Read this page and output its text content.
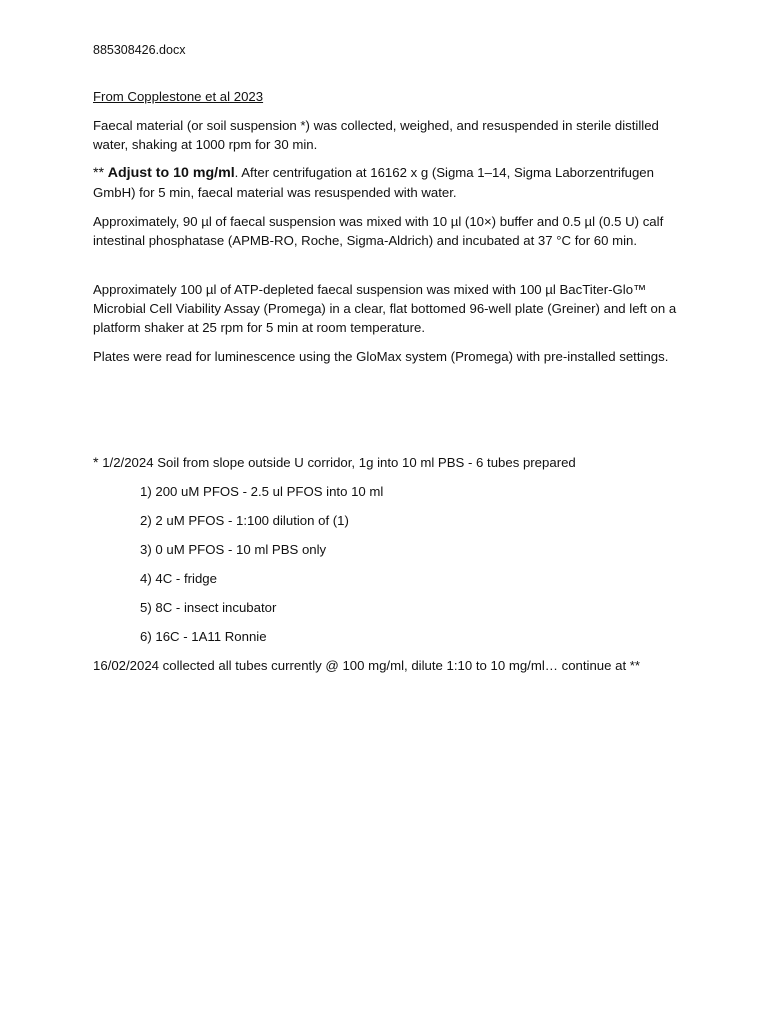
885308426.docx
From Copplestone et al 2023

Faecal material (or soil suspension *) was collected, weighed, and resuspended in sterile distilled water, shaking at 1000 rpm for 30 min.

** Adjust to 10 mg/ml. After centrifugation at 16162 x g (Sigma 1–14, Sigma Laborzentrifugen GmbH) for 5 min, faecal material was resuspended with water.

Approximately, 90 µl of faecal suspension was mixed with 10 µl (10×) buffer and 0.5 µl (0.5 U) calf intestinal phosphatase (APMB-RO, Roche, Sigma-Aldrich) and incubated at 37 °C for 60 min.

Approximately 100 µl of ATP-depleted faecal suspension was mixed with 100 µl BacTiter-Glo™ Microbial Cell Viability Assay (Promega) in a clear, flat bottomed 96-well plate (Greiner) and left on a platform shaker at 25 rpm for 5 min at room temperature.

Plates were read for luminescence using the GloMax system (Promega) with pre-installed settings.

* 1/2/2024 Soil from slope outside U corridor, 1g into 10 ml PBS - 6 tubes prepared

1) 200 uM PFOS - 2.5 ul PFOS into 10 ml
2) 2 uM PFOS - 1:100 dilution of (1)
3) 0 uM PFOS - 10 ml PBS only
4) 4C - fridge
5) 8C - insect incubator
6) 16C - 1A11 Ronnie

16/02/2024 collected all tubes currently @ 100 mg/ml, dilute 1:10 to 10 mg/ml… continue at **
